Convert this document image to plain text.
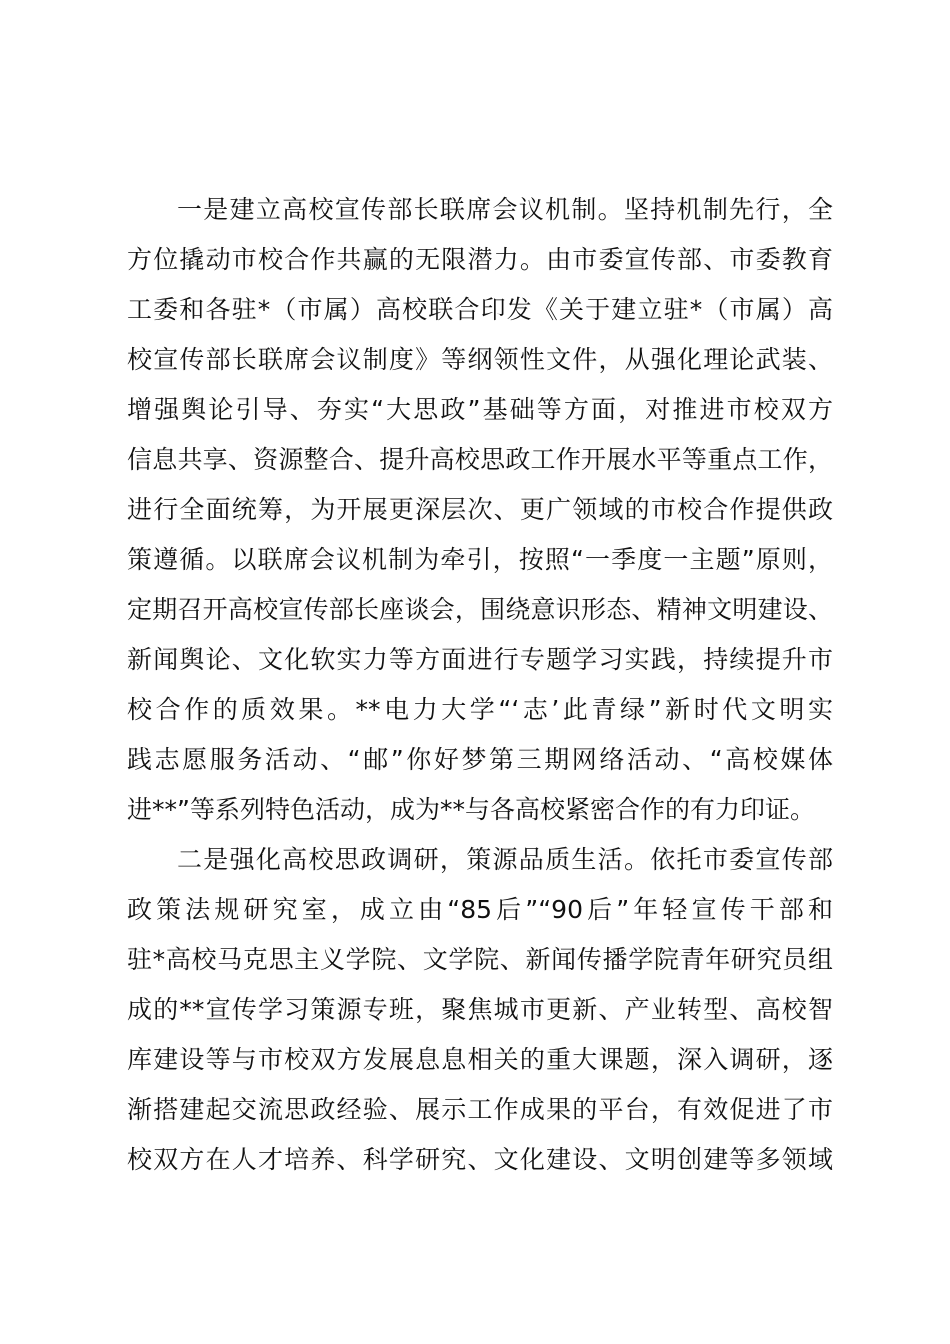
一是建立高校宣传部长联席会议机制。坚持机制先行，全
方位撬动市校合作共赢的无限潜力。由市委宣传部、市委教育
工委和各驻*（市属）高校联合印发《关于建立驻*（市属）高
校宣传部长联席会议制度》等纲领性文件，从强化理论武装、
增强舆论引导、夯实“大思政”基础等方面，对推进市校双方
信息共享、资源整合、提升高校思政工作开展水平等重点工作，
进行全面统筹，为开展更深层次、更广领域的市校合作提供政
策遵循。以联席会议机制为牵引，按照“一季度一主题”原则，
定期召开高校宣传部长座谈会，围绕意识形态、精神文明建设、
新闻舆论、文化软实力等方面进行专题学习实践，持续提升市
校合作的质效果。**电力大学“‘志’此青绿”新时代文明实
践志愿服务活动、“邮”你好梦第三期网络活动、“高校媒体
进**”等系列特色活动，成为**与各高校紧密合作的有力印证。
二是强化高校思政调研，策源品质生活。依托市委宣传部
政策法规研究室，成立由“85后”“90后”年轻宣传干部和
驻*高校马克思主义学院、文学院、新闻传播学院青年研究员组
成的**宣传学习策源专班，聚焦城市更新、产业转型、高校智
库建设等与市校双方发展息息相关的重大课题，深入调研，逐
渐搭建起交流思政经验、展示工作成果的平台，有效促进了市
校双方在人才培养、科学研究、文化建设、文明创建等多领域
